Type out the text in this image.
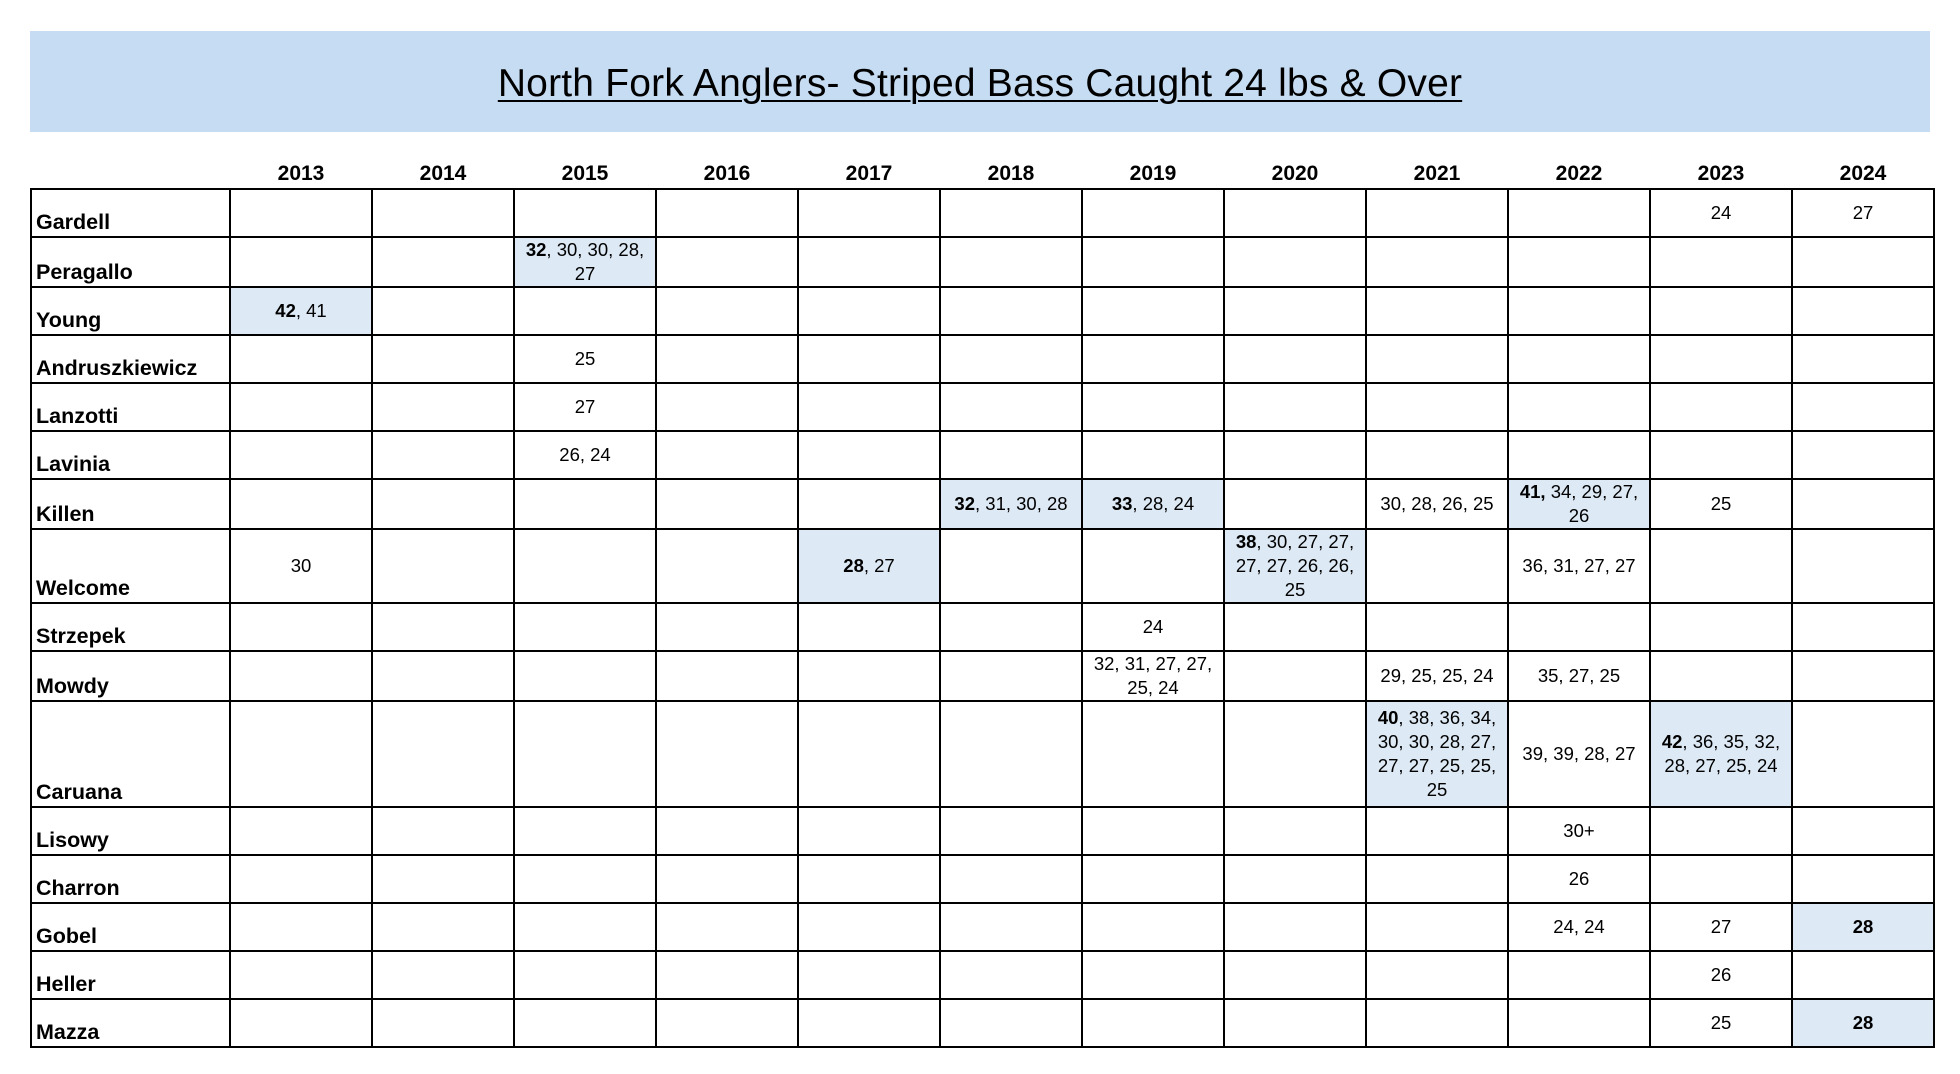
North Fork Anglers- Striped Bass Caught 24 lbs & Over
	2013	2014	2015	2016	2017	2018	2019	2020	2021	2022	2023	2024
Gardell											24	27
Peragallo			32, 30, 30, 28, 27									
Young	42, 41											
Andruszkiewicz			25									
Lanzotti			27									
Lavinia			26, 24									
Killen						32, 31, 30, 28	33, 28, 24		30, 28, 26, 25	41, 34, 29, 27, 26	25	
Welcome	30				28, 27			38, 30, 27, 27, 27, 27, 26, 26, 25		36, 31, 27, 27		
Strzepek							24					
Mowdy							32, 31, 27, 27, 25, 24		29, 25, 25, 24	35, 27, 25		
Caruana									40, 38, 36, 34, 30, 30, 28, 27, 27, 27, 25, 25, 25	39, 39, 28, 27	42, 36, 35, 32, 28, 27, 25, 24	
Lisowy										30+		
Charron										26		
Gobel										24, 24	27	28
Heller											26	
Mazza											25	28
